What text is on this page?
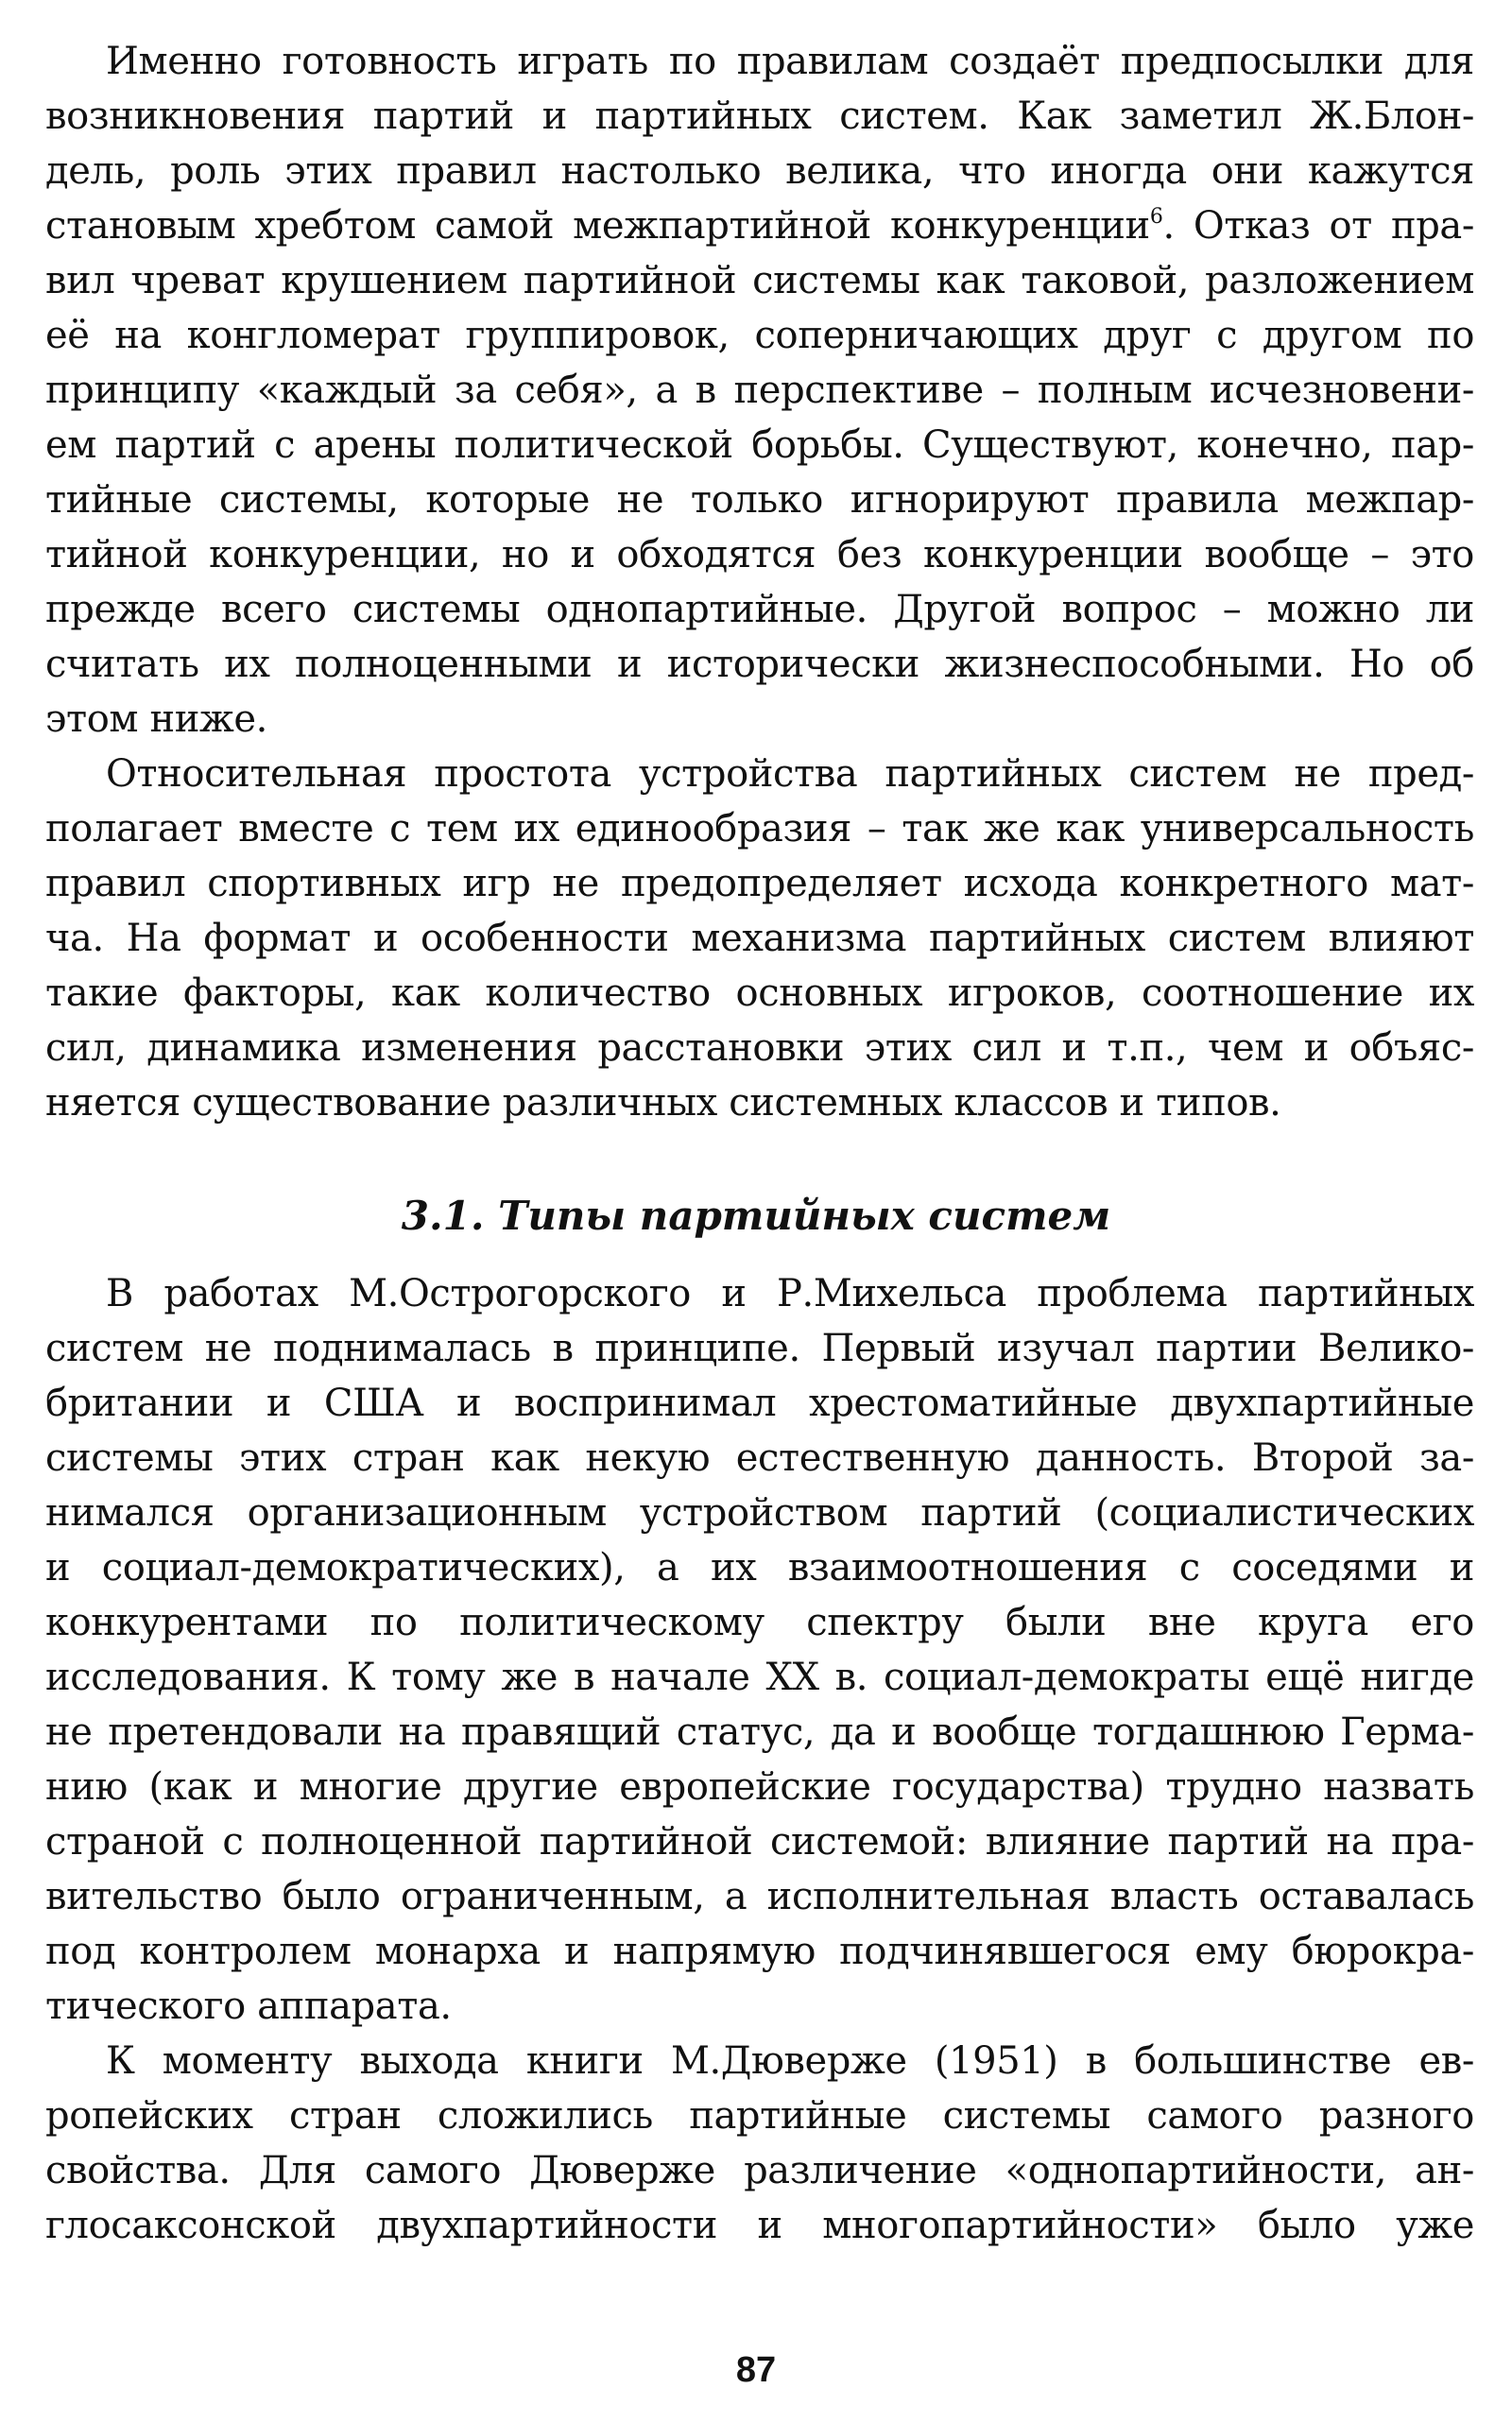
Именно готовность играть по правилам создаёт предпосылки для
возникновения партий и партийных систем. Как заметил Ж.Блон-
дель, роль этих правил настолько велика, что иногда они кажутся
становым хребтом самой межпартийной конкуренции$^6$. Отказ от пра-
вил чреват крушением партийной системы как таковой, разложением
её на конгломерат группировок, соперничающих друг с другом по
принципу «каждый за себя», а в перспективе – полным исчезновени-
ем партий с арены политической борьбы. Существуют, конечно, пар-
тийные системы, которые не только игнорируют правила межпар-
тийной конкуренции, но и обходятся без конкуренции вообще – это
прежде всего системы однопартийные. Другой вопрос – можно ли
считать их полноценными и исторически жизнеспособными. Но об
этом ниже.
Относительная простота устройства партийных систем не пред-
полагает вместе с тем их единообразия – так же как универсальность
правил спортивных игр не предопределяет исхода конкретного мат-
ча. На формат и особенности механизма партийных систем влияют
такие факторы, как количество основных игроков, соотношение их
сил, динамика изменения расстановки этих сил и т.п., чем и объяс-
няется существование различных системных классов и типов.
3.1. Типы партийных систем
В работах М.Острогорского и Р.Михельса проблема партийных
систем не поднималась в принципе. Первый изучал партии Велико-
британии и США и воспринимал хрестоматийные двухпартийные
системы этих стран как некую естественную данность. Второй за-
нимался организационным устройством партий (социалистических
и социал-демократических), а их взаимоотношения с соседями и
конкурентами по политическому спектру были вне круга его
исследования. К тому же в начале XX в. социал-демократы ещё нигде
не претендовали на правящий статус, да и вообще тогдашнюю Герма-
нию (как и многие другие европейские государства) трудно назвать
страной с полноценной партийной системой: влияние партий на пра-
вительство было ограниченным, а исполнительная власть оставалась
под контролем монарха и напрямую подчинявшегося ему бюрокра-
тического аппарата.
К моменту выхода книги М.Дюверже (1951) в большинстве ев-
ропейских стран сложились партийные системы самого разного
свойства. Для самого Дюверже различение «однопартийности, ан-
глосаксонской двухпартийности и многопартийности» было уже
87
